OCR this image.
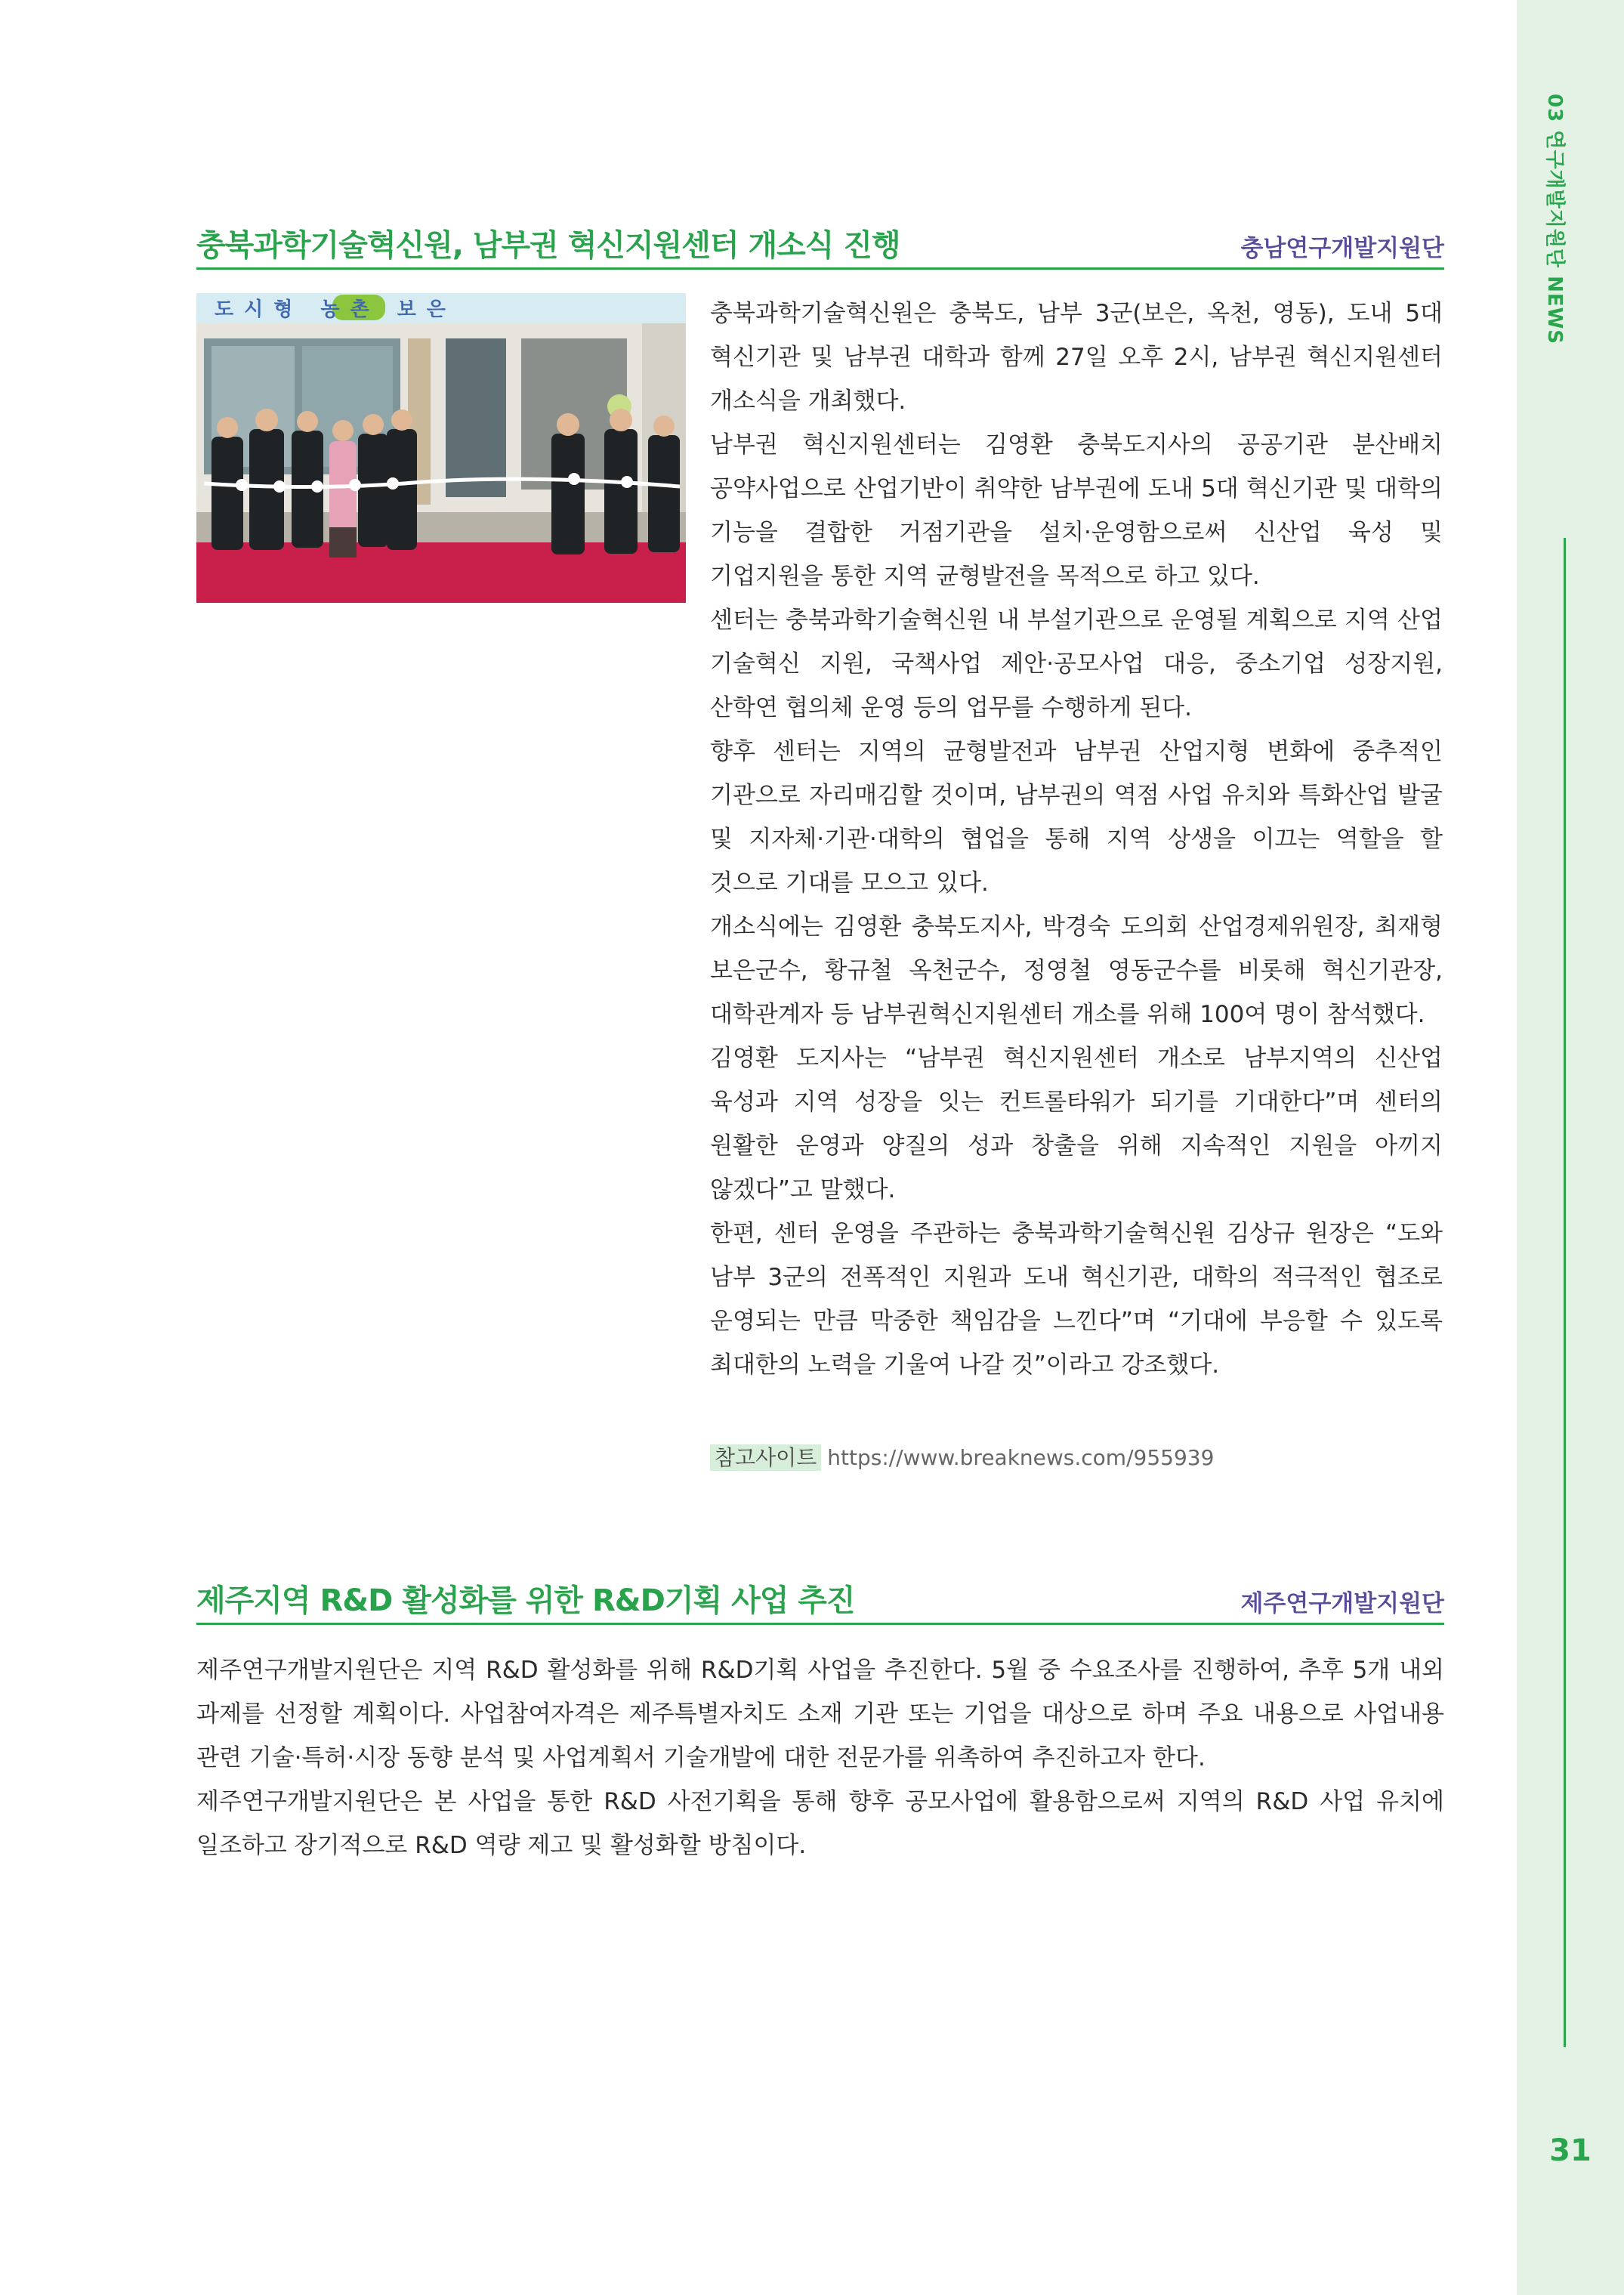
03 연구개발지원단 NEWS
31
충북과학기술혁신원, 남부권 혁신지원센터 개소식 진행	충남연구개발지원단
도시형 농촌 보은	충북과학기술혁신원은 충북도, 남부 3군(보은, 옥천, 영동), 도내 5대 혁신기관 및 남부권 대학과 함께 27일 오후 2시, 남부권 혁신지원센터 개소식을 개최했다.

남부권 혁신지원센터는 김영환 충북도지사의 공공기관 분산배치 공약사업으로 산업기반이 취약한 남부권에 도내 5대 혁신기관 및 대학의 기능을 결합한 거점기관을 설치·운영함으로써 신산업 육성 및 기업지원을 통한 지역 균형발전을 목적으로 하고 있다.

센터는 충북과학기술혁신원 내 부설기관으로 운영될 계획으로 지역 산업 기술혁신 지원, 국책사업 제안·공모사업 대응, 중소기업 성장지원, 산학연 협의체 운영 등의 업무를 수행하게 된다.

향후 센터는 지역의 균형발전과 남부권 산업지형 변화에 중추적인 기관으로 자리매김할 것이며, 남부권의 역점 사업 유치와 특화산업 발굴 및 지자체·기관·대학의 협업을 통해 지역 상생을 이끄는 역할을 할 것으로 기대를 모으고 있다.

개소식에는 김영환 충북도지사, 박경숙 도의회 산업경제위원장, 최재형 보은군수, 황규철 옥천군수, 정영철 영동군수를 비롯해 혁신기관장, 대학관계자 등 남부권혁신지원센터 개소를 위해 100여 명이 참석했다.

김영환 도지사는 “남부권 혁신지원센터 개소로 남부지역의 신산업 육성과 지역 성장을 잇는 컨트롤타워가 되기를 기대한다”며 센터의 원활한 운영과 양질의 성과 창출을 위해 지속적인 지원을 아끼지 않겠다”고 말했다.

한편, 센터 운영을 주관하는 충북과학기술혁신원 김상규 원장은 “도와 남부 3군의 전폭적인 지원과 도내 혁신기관, 대학의 적극적인 협조로 운영되는 만큼 막중한 책임감을 느낀다”며 “기대에 부응할 수 있도록 최대한의 노력을 기울여 나갈 것”이라고 강조했다.

참고사이트 https://www.breaknews.com/955939
제주지역 R&D 활성화를 위한 R&D기획 사업 추진	제주연구개발지원단

제주연구개발지원단은 지역 R&D 활성화를 위해 R&D기획 사업을 추진한다. 5월 중 수요조사를 진행하여, 추후 5개 내외 과제를 선정할 계획이다. 사업참여자격은 제주특별자치도 소재 기관 또는 기업을 대상으로 하며 주요 내용으로 사업내용 관련 기술·특허·시장 동향 분석 및 사업계획서 기술개발에 대한 전문가를 위촉하여 추진하고자 한다.

제주연구개발지원단은 본 사업을 통한 R&D 사전기획을 통해 향후 공모사업에 활용함으로써 지역의 R&D 사업 유치에 일조하고 장기적으로 R&D 역량 제고 및 활성화할 방침이다.
